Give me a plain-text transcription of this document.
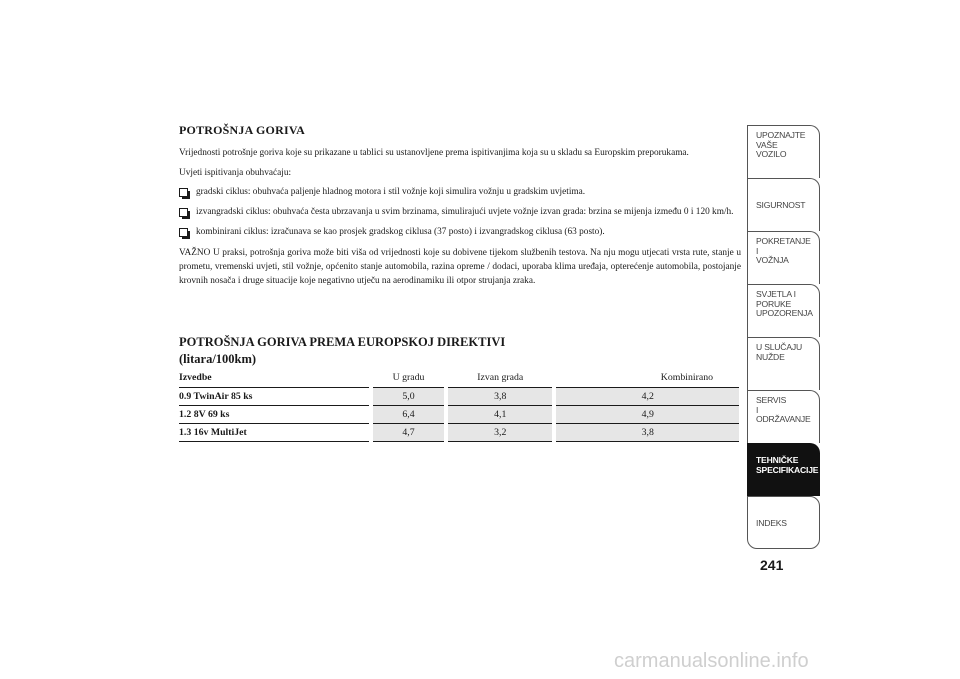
POTROŠNJA GORIVA
Vrijednosti potrošnje goriva koje su prikazane u tablici su ustanovljene prema ispitivanjima koja su u skladu sa Europskim preporukama.
Uvjeti ispitivanja obuhvaćaju:
gradski ciklus: obuhvaća paljenje hladnog motora i stil vožnje koji simulira vožnju u gradskim uvjetima.
izvangradski ciklus: obuhvaća česta ubrzavanja u svim brzinama, simulirajući uvjete vožnje izvan grada: brzina se mijenja između 0 i 120 km/h.
kombinirani ciklus: izračunava se kao prosjek gradskog ciklusa (37 posto) i izvangradskog ciklusa (63 posto).
VAŽNO U praksi, potrošnja goriva može biti viša od vrijednosti koje su dobivene tijekom službenih testova. Na nju mogu utjecati vrsta rute, stanje u prometu, vremenski uvjeti, stil vožnje, općenito stanje automobila, razina opreme / dodaci, uporaba klima uređaja, opterećenje automobila, postojanje krovnih nosača i druge situacije koje negativno utječu na aerodinamiku ili otpor strujanja zraka.
POTROŠNJA GORIVA PREMA EUROPSKOJ DIREKTIVI
(litara/100km)
Izvedbe	U gradu	Izvan grada	Kombinirano
0.9 TwinAir 85 ks	5,0	3,8	4,2
1.2 8V 69 ks	6,4	4,1	4,9
1.3 16v MultiJet	4,7	3,2	3,8
UPOZNAJTE
VAŠE
VOZILO
SIGURNOST
POKRETANJE
I
VOŽNJA
SVJETLA I
PORUKE
UPOZORENJA
U SLUČAJU
NUŽDE
SERVIS
I
ODRŽAVANJE
TEHNIČKE
SPECIFIKACIJE
INDEKS
241
carmanualsonline.info
